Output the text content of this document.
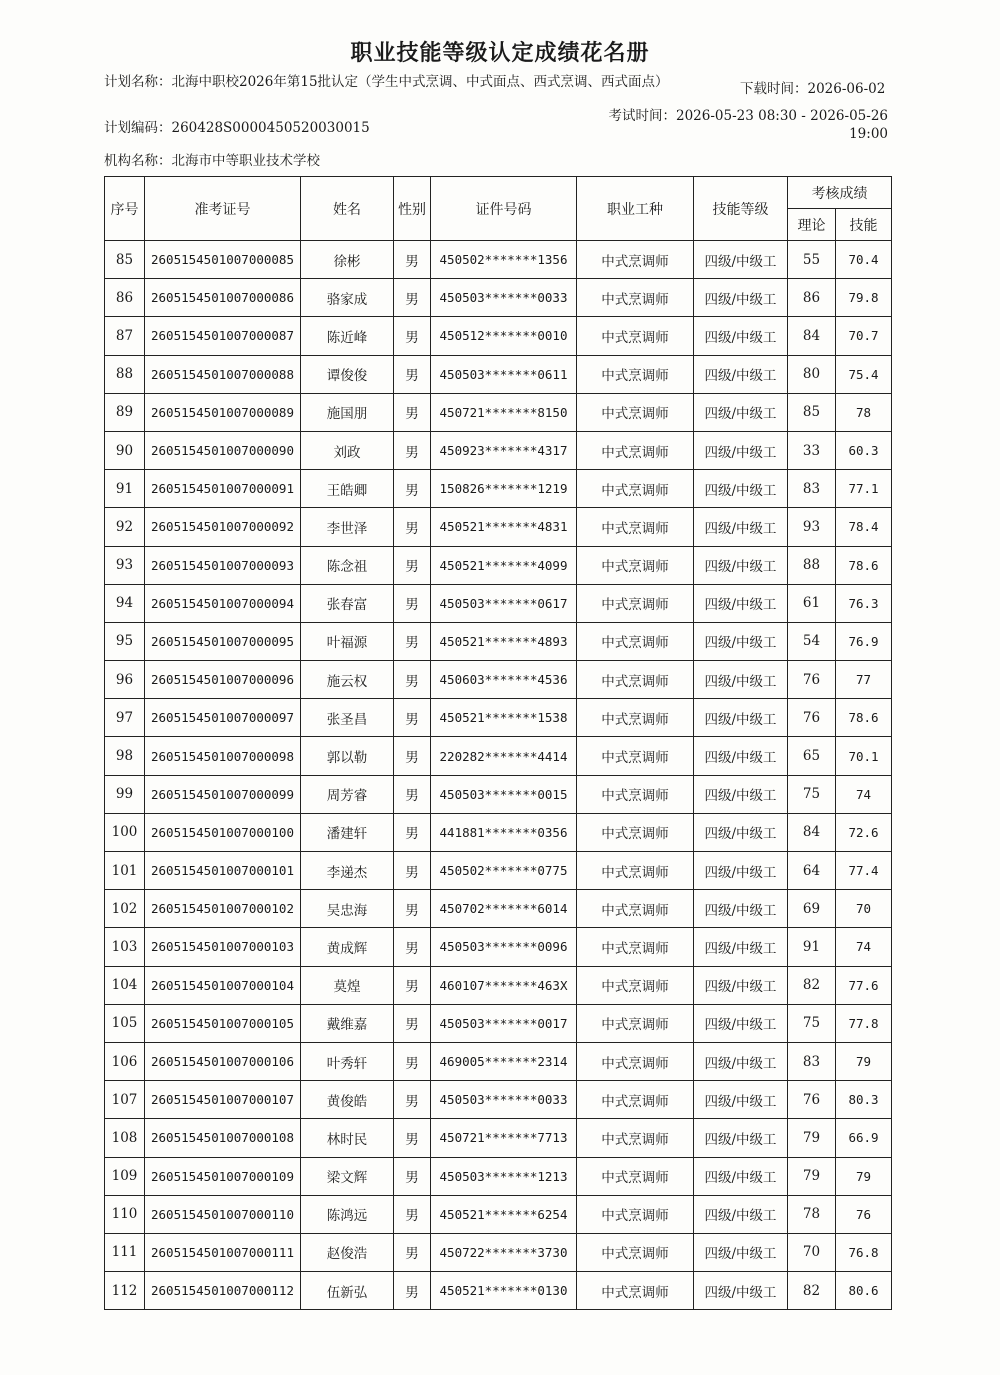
职业技能等级认定成绩花名册
计划名称：北海中职校2026年第15批认定（学生中式烹调、中式面点、西式烹调、西式面点）
计划编码：260428S0000450520030015
机构名称：北海市中等职业技术学校
下载时间：2026-06-02
考试时间：2026-05-23 08:30 - 2026-05-26 19:00
序号	准考证号	姓名	性别	证件号码	职业工种	技能等级	考核成绩	
							理论	技能
85	2605154501007000085	徐彬	男	450502*******1356	中式烹调师	四级/中级工	55	70.4
86	2605154501007000086	骆家成	男	450503*******0033	中式烹调师	四级/中级工	86	79.8
87	2605154501007000087	陈近峰	男	450512*******0010	中式烹调师	四级/中级工	84	70.7
88	2605154501007000088	谭俊俊	男	450503*******0611	中式烹调师	四级/中级工	80	75.4
89	2605154501007000089	施国朋	男	450721*******8150	中式烹调师	四级/中级工	85	78
90	2605154501007000090	刘政	男	450923*******4317	中式烹调师	四级/中级工	33	60.3
91	2605154501007000091	王皓卿	男	150826*******1219	中式烹调师	四级/中级工	83	77.1
92	2605154501007000092	李世泽	男	450521*******4831	中式烹调师	四级/中级工	93	78.4
93	2605154501007000093	陈念祖	男	450521*******4099	中式烹调师	四级/中级工	88	78.6
94	2605154501007000094	张春富	男	450503*******0617	中式烹调师	四级/中级工	61	76.3
95	2605154501007000095	叶福源	男	450521*******4893	中式烹调师	四级/中级工	54	76.9
96	2605154501007000096	施云权	男	450603*******4536	中式烹调师	四级/中级工	76	77
97	2605154501007000097	张圣昌	男	450521*******1538	中式烹调师	四级/中级工	76	78.6
98	2605154501007000098	郭以勒	男	220282*******4414	中式烹调师	四级/中级工	65	70.1
99	2605154501007000099	周芳睿	男	450503*******0015	中式烹调师	四级/中级工	75	74
100	2605154501007000100	潘建轩	男	441881*******0356	中式烹调师	四级/中级工	84	72.6
101	2605154501007000101	李递杰	男	450502*******0775	中式烹调师	四级/中级工	64	77.4
102	2605154501007000102	吴忠海	男	450702*******6014	中式烹调师	四级/中级工	69	70
103	2605154501007000103	黄成辉	男	450503*******0096	中式烹调师	四级/中级工	91	74
104	2605154501007000104	莫煌	男	460107*******463X	中式烹调师	四级/中级工	82	77.6
105	2605154501007000105	戴维嘉	男	450503*******0017	中式烹调师	四级/中级工	75	77.8
106	2605154501007000106	叶秀轩	男	469005*******2314	中式烹调师	四级/中级工	83	79
107	2605154501007000107	黄俊皓	男	450503*******0033	中式烹调师	四级/中级工	76	80.3
108	2605154501007000108	林时民	男	450721*******7713	中式烹调师	四级/中级工	79	66.9
109	2605154501007000109	梁文辉	男	450503*******1213	中式烹调师	四级/中级工	79	79
110	2605154501007000110	陈鸿远	男	450521*******6254	中式烹调师	四级/中级工	78	76
111	2605154501007000111	赵俊浩	男	450722*******3730	中式烹调师	四级/中级工	70	76.8
112	2605154501007000112	伍新弘	男	450521*******0130	中式烹调师	四级/中级工	82	80.6
